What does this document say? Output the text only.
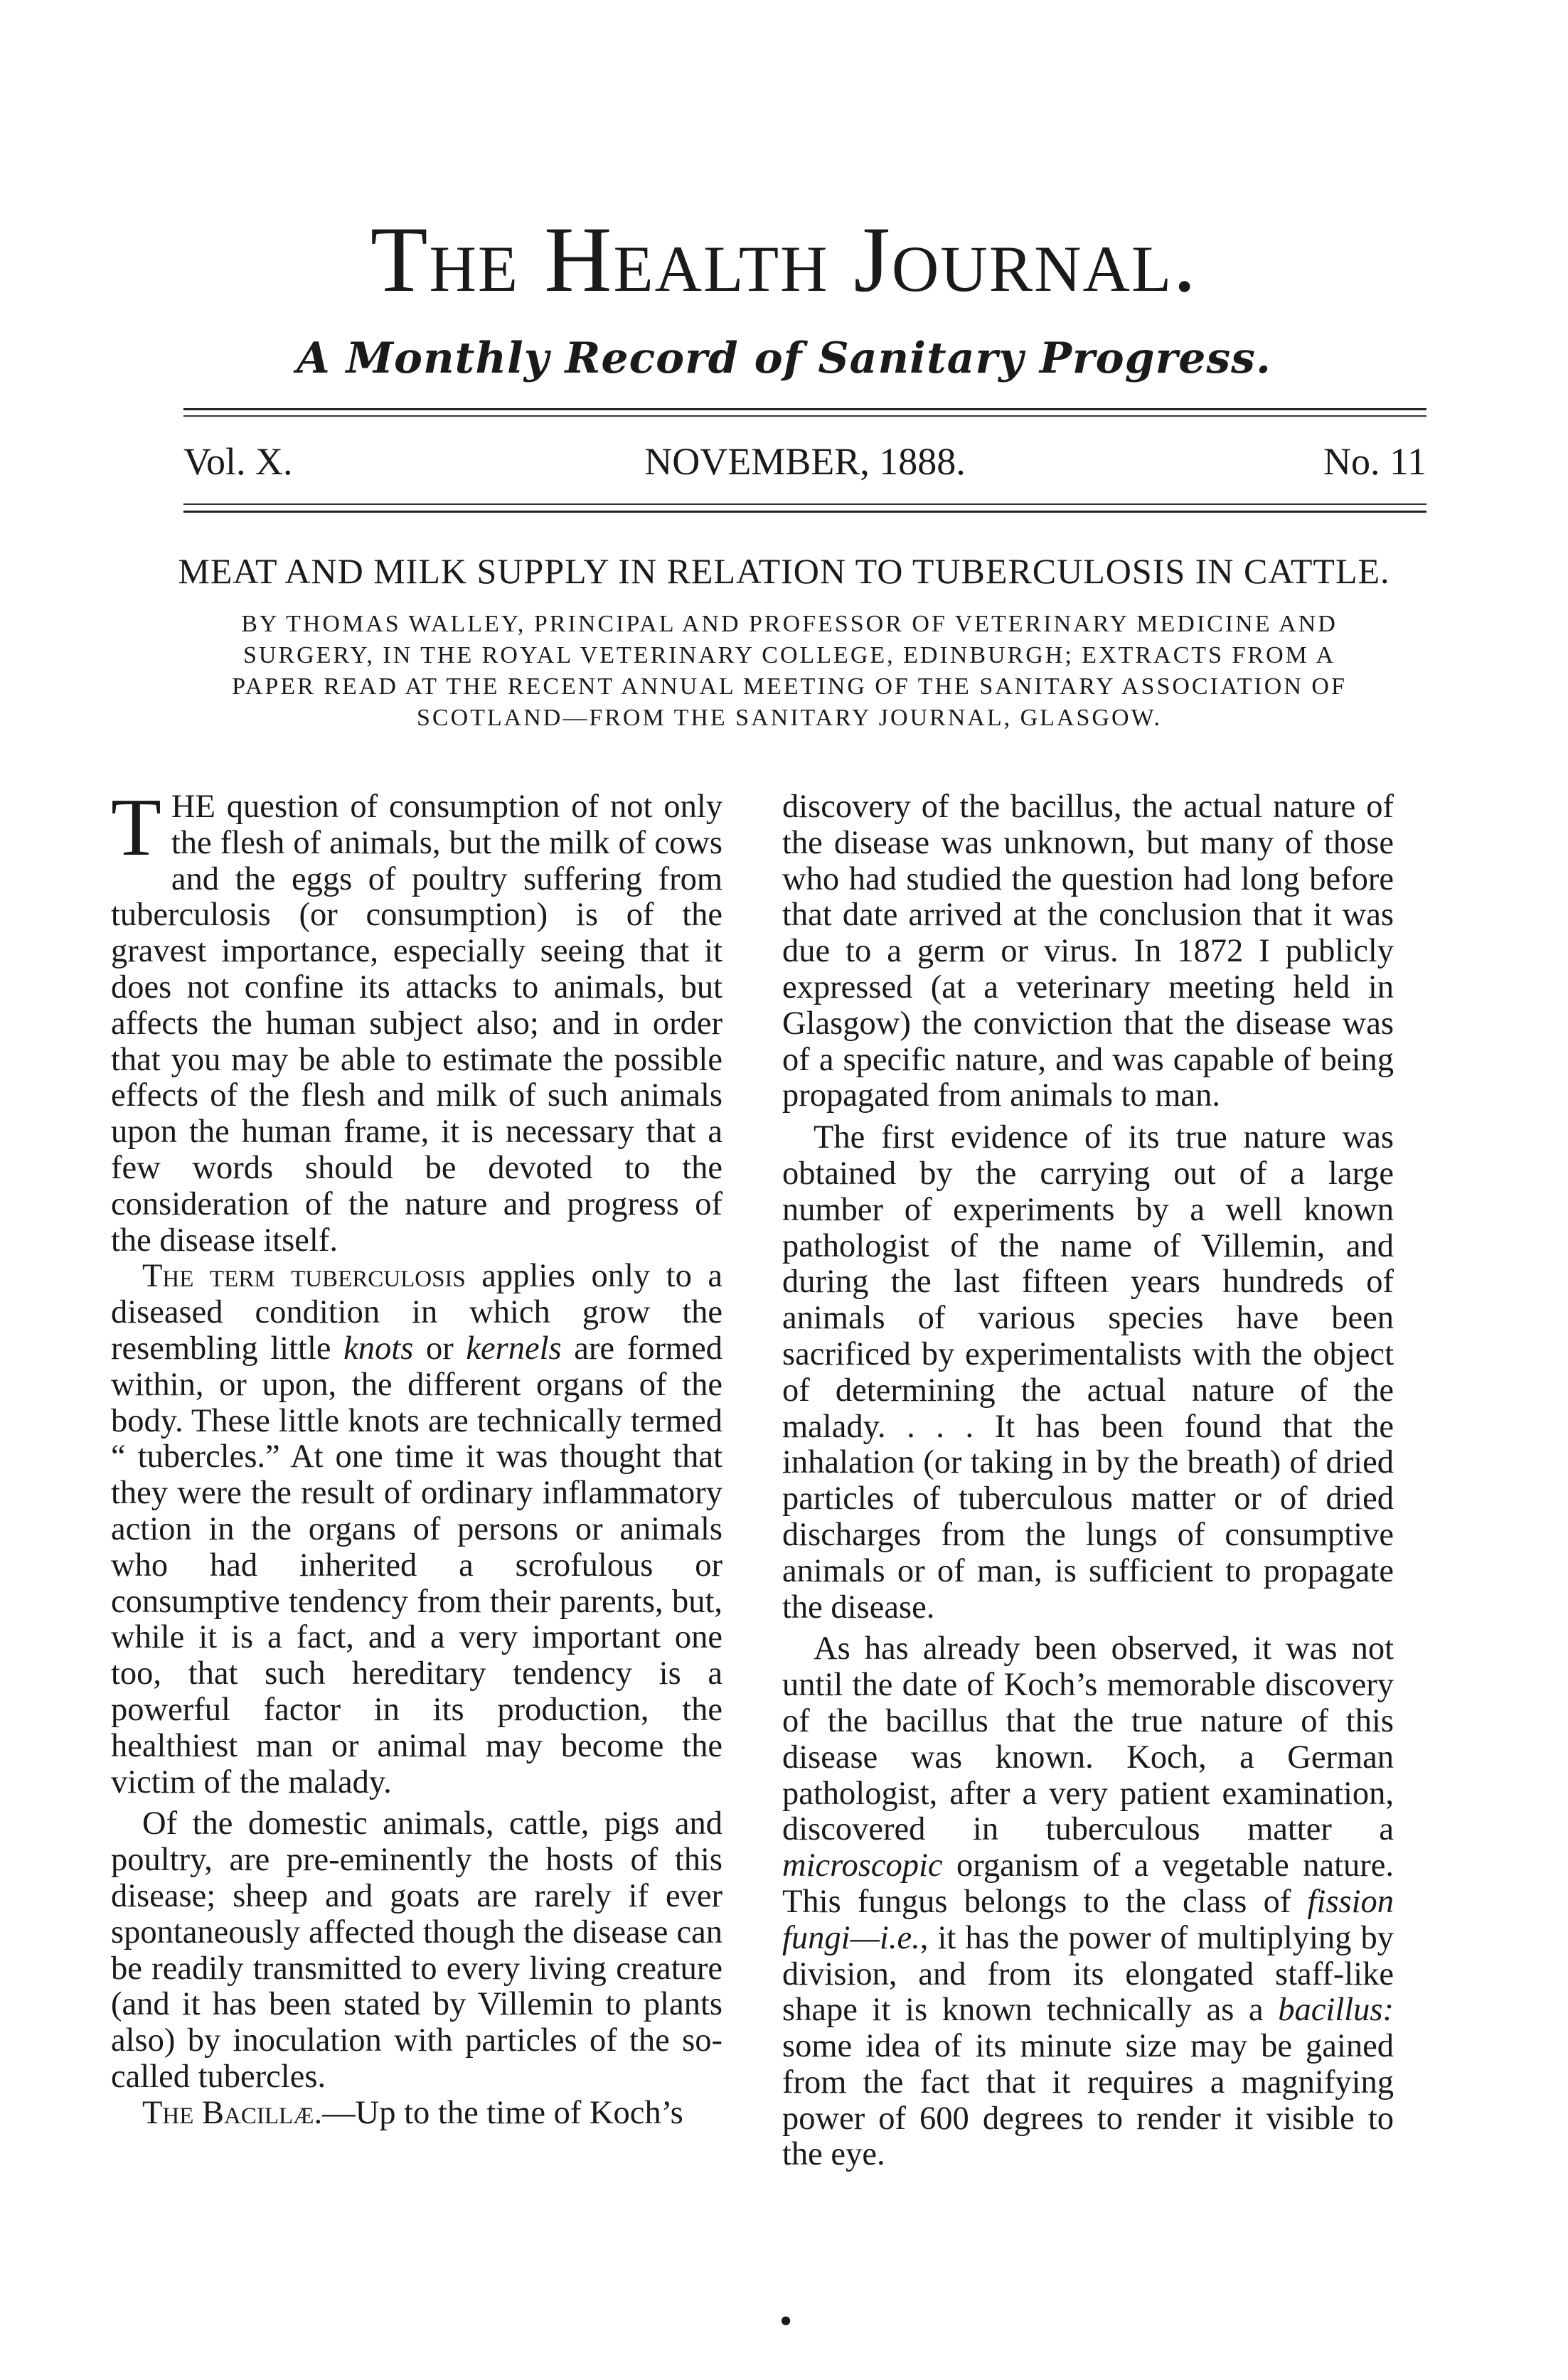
The Health Journal.
A Monthly Record of Sanitary Progress.
Vol. X.	NOVEMBER, 1888.	No. 11
MEAT AND MILK SUPPLY IN RELATION TO TUBERCULOSIS IN CATTLE.
BY THOMAS WALLEY, PRINCIPAL AND PROFESSOR OF VETERINARY MEDICINE AND SURGERY, IN THE ROYAL VETERINARY COLLEGE, EDINBURGH; EXTRACTS FROM A PAPER READ AT THE RECENT ANNUAL MEETING OF THE SANITARY ASSOCIATION OF SCOTLAND—FROM THE SANITARY JOURNAL, GLASGOW.

THE question of consumption of not only the flesh of animals, but the milk of cows and the eggs of poultry suffering from tuberculosis (or consumption) is of the gravest importance, especially seeing that it does not confine its attacks to animals, but affects the human subject also; and in order that you may be able to estimate the possible effects of the flesh and milk of such animals upon the human frame, it is necessary that a few words should be devoted to the consideration of the nature and progress of the disease itself.

The term tuberculosis applies only to a diseased condition in which grow the resembling little knots or kernels are formed within, or upon, the different organs of the body. These little knots are technically termed “ tubercles.” At one time it was thought that they were the result of ordinary inflammatory action in the organs of persons or animals who had inherited a scrofulous or consumptive tendency from their parents, but, while it is a fact, and a very important one too, that such hereditary tendency is a powerful factor in its production, the healthiest man or animal may become the victim of the malady.

Of the domestic animals, cattle, pigs and poultry, are pre-eminently the hosts of this disease; sheep and goats are rarely if ever spontaneously affected though the disease can be readily transmitted to every living creature (and it has been stated by Villemin to plants also) by inoculation with particles of the so-called tubercles.

The Bacillæ.—Up to the time of Koch’s

discovery of the bacillus, the actual nature of the disease was unknown, but many of those who had studied the question had long before that date arrived at the conclusion that it was due to a germ or virus. In 1872 I publicly expressed (at a veterinary meeting held in Glasgow) the conviction that the disease was of a specific nature, and was capable of being propagated from animals to man.

The first evidence of its true nature was obtained by the carrying out of a large number of experiments by a well known pathologist of the name of Villemin, and during the last fifteen years hundreds of animals of various species have been sacrificed by experimentalists with the object of determining the actual nature of the malady. . . . It has been found that the inhalation (or taking in by the breath) of dried particles of tuberculous matter or of dried discharges from the lungs of consumptive animals or of man, is sufficient to propagate the disease.

As has already been observed, it was not until the date of Koch’s memorable discovery of the bacillus that the true nature of this disease was known. Koch, a German pathologist, after a very patient examination, discovered in tuberculous matter a microscopic organism of a vegetable nature. This fungus belongs to the class of fission fungi—i.e., it has the power of multiplying by division, and from its elongated staff-like shape it is known technically as a bacillus: some idea of its minute size may be gained from the fact that it requires a magnifying power of 600 degrees to render it visible to the eye.

•
